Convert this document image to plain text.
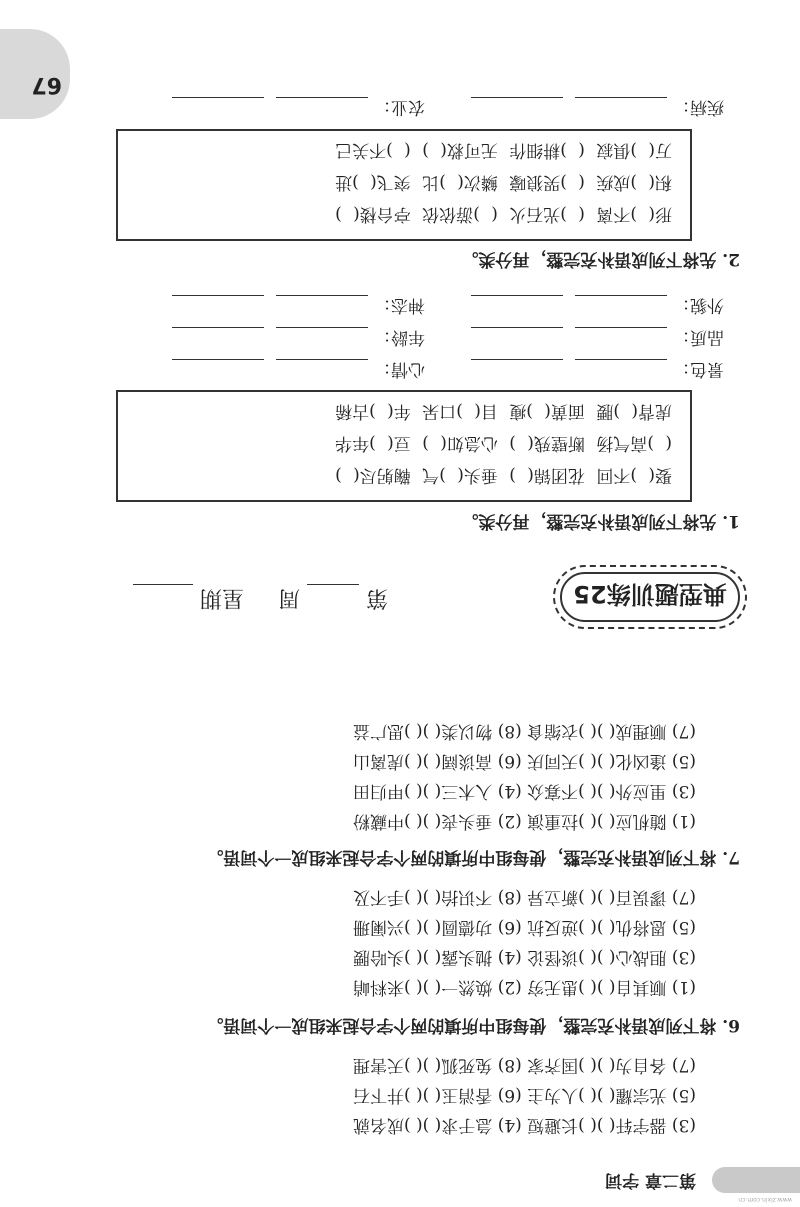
第二章 字词
(3) 器宇轩( )( )长避短 (4) 急于求( )( )成名就
(5) 光宗耀( )( )人为主 (6) 香消玉( )( )井下石
(7) 各自为( )( )国齐家 (8) 兔死狐( )( )天害理
6. 将下列成语补充完整，使每组中所填的两个字合起来组成一个词语。
(1) 顺其自( )( )患无穷 (2) 焕然一( )( )来料峭
(3) 胆战心( )( )谈怪论 (4) 抛头露( )( )头哈腰
(5) 恩将仇( )( )逆反抗 (6) 功德圆( )( )兴阑珊
(7) 谬误百( )( )新立异 (8) 不识抬( )( )手不及
7. 将下列成语补充完整，使每组中所填的两个字合起来组成一个词语。
(1) 随机应( )( )拉重演 (2) 垂头丧( )( )中藏粉
(3) 里应外( )( )不寡众 (4) 入木三( )( )甲归田
(5) 逢凶化( )( )天同庆 (6) 高谈阔( )( )虎离山
(7) 顺理成( )( )衣缩食 (8) 物以类( )( )思广益
典型题训练25
第  周  星期
1. 先将下列成语补充完整，再分类。
娶( )不回 花团锦( ) 垂头( )气 鞠躬尽( )
( )高气扬 断壁残( ) 心急如( ) 豆( )年华
虎背( )腰 面黄( )瘦 目( )口呆 年( )古稀
景色：心情：
品质：年龄：
外貌：神态：
2. 先将下列成语补充完整，再分类。
形( )不离 ( )光石火 ( )游依依 亭台楼( )
积( )成疾 ( )哭狼嚎 鳞次( )比 突飞( )进
万( )俱寂 ( )耕细作 无可救( ) ( )不关己
疾病：农业：
67
www.zixin.com.cn
